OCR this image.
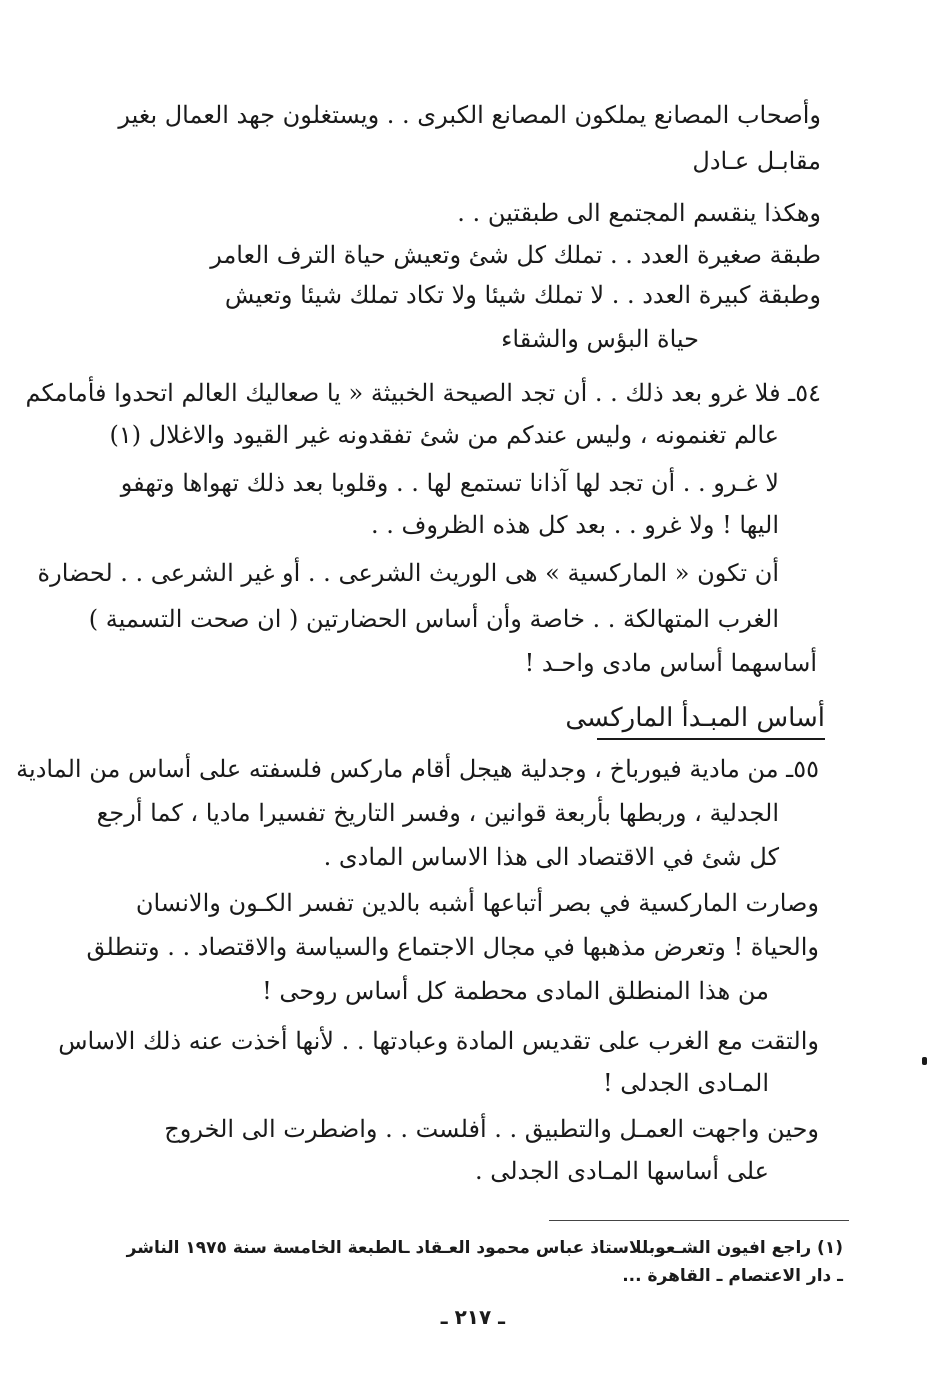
وأصحاب المصانع يملكون المصانع الكبرى . . ويستغلون جهد العمال بغير
مقابـل عـادل
وهكذا ينقسم المجتمع الى طبقتين . .
طبقة صغيرة العدد . . تملك كل شئ وتعيش حياة الترف العامر
وطبقة كبيرة العدد . . لا تملك شيئا ولا تكاد تملك شيئا وتعيش
حياة البؤس والشقاء
٥٤ـ فلا غرو بعد ذلك . . أن تجد الصيحة الخبيثة « يا صعاليك العالم اتحدوا فأمامكم
عالم تغنمونه ، وليس عندكم من شئ تفقدونه غير القيود والاغلال (١)
لا غـرو . . أن تجد لها آذانا تستمع لها . . وقلوبا بعد ذلك تهواها وتهفو
اليها ! ولا غرو . . بعد كل هذه الظروف . .
أن تكون « الماركسية » هى الوريث الشرعى . . أو غير الشرعى . . لحضارة
الغرب المتهالكة . . خاصة وأن أساس الحضارتين ( ان صحت التسمية )
أساسهما أساس مادى واحـد !
أساس المبـدأ الماركسى
٥٥ـ من مادية فيورباخ ، وجدلية هيجل أقام ماركس فلسفته على أساس من المادية
الجدلية ، وربطها بأربعة قوانين ، وفسر التاريخ تفسيرا ماديا ، كما أرجع
كل شئ في الاقتصاد الى هذا الاساس المادى .
وصارت الماركسية في بصر أتباعها أشبه بالدين تفسر الكـون والانسان
والحياة ! وتعرض مذهبها في مجال الاجتماع والسياسة والاقتصاد . . وتنطلق
من هذا المنطلق المادى محطمة كل أساس روحى !
والتقت مع الغرب على تقديس المادة وعبادتها . . لأنها أخذت عنه ذلك الاساس
المـادى الجدلى !
وحين واجهت العمـل والتطبيق . . أفلست . . واضطرت الى الخروج
على أساسها المـادى الجدلى .
(١) راجع افيون الشـعوبللاستاذ عباس محمود العـقاد ـالطبعة الخامسة سنة ١٩٧٥ الناشر
ـ دار الاعتصام ـ القاهرة ...
ـ ٢١٧ ـ
